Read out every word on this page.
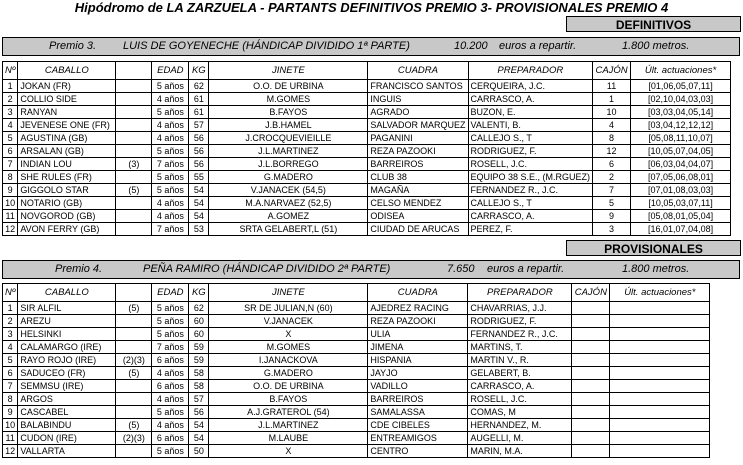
Hipódromo de LA ZARZUELA - PARTANTS DEFINITIVOS PREMIO 3- PROVISIONALES PREMIO 4
DEFINITIVOS
Premio 3. LUIS DE GOYENECHE (HÁNDICAP DIVIDIDO 1ª PARTE)	10.200 euros a repartir.	1.800 metros.
Nº	CABALLO		EDAD	KG	JINETE	CUADRA	PREPARADOR	CAJÓN	Últ. actuaciones*
1	JOKAN (FR)		5 años	62	O.O. DE URBINA	FRANCISCO SANTOS	CERQUEIRA, J.C.	11	[01,06,05,07,11]
2	COLLIO SIDE		4 años	61	M.GOMES	INGUIS	CARRASCO, A.	1	[02,10,04,03,03]
3	RANYAN		5 años	61	B.FAYOS	AGRADO	BUZON, E.	10	[03,03,04,05,14]
4	JEVENESE ONE (FR)		4 años	57	J.B.HAMEL	SALVADOR MARQUEZ	VALENTI, B.	4	[03,04,12,12,12]
5	AGUSTINA (GB)		4 años	56	J.CROCQUEVIEILLE	PAGANINI	CALLEJO S., T	8	[05,08,11,10,07]
6	ARSALAN (GB)		5 años	56	J.L.MARTINEZ	REZA PAZOOKI	RODRIGUEZ, F.	12	[10,05,07,04,05]
7	INDIAN LOU	(3)	7 años	56	J.L.BORREGO	BARREIROS	ROSELL, J.C.	6	[06,03,04,04,07]
8	SHE RULES (FR)		5 años	55	G.MADERO	CLUB 38	EQUIPO 38 S.E., (M.RGUEZ)	2	[07,05,06,08,01]
9	GIGGOLO STAR	(5)	5 años	54	V.JANACEK (54,5)	MAGAÑA	FERNANDEZ R., J.C.	7	[07,01,08,03,03]
10	NOTARIO (GB)		4 años	54	M.A.NARVAEZ (52,5)	CELSO MENDEZ	CALLEJO S., T	5	[10,05,03,07,11]
11	NOVGOROD (GB)		4 años	54	A.GOMEZ	ODISEA	CARRASCO, A.	9	[05,08,01,05,04]
12	AVON FERRY (GB)		7 años	53	SRTA GELABERT,L (51)	CIUDAD DE ARUCAS	PEREZ, F.	3	[16,01,07,04,08]
PROVISIONALES
Premio 4.	PEÑA RAMIRO (HÁNDICAP DIVIDIDO 2ª PARTE)	7.650 euros a repartir.	1.800 metros.
Nº	CABALLO		EDAD	KG	JINETE	CUADRA	PREPARADOR	CAJÓN	Últ. actuaciones*
1	SIR ALFIL	(5)	5 años	62	SR DE JULIAN,N (60)	AJEDREZ RACING	CHAVARRIAS, J.J.		
2	AREZU		5 años	60	V.JANACEK	REZA PAZOOKI	RODRIGUEZ, F.		
3	HELSINKI		5 años	60	X	ULIA	FERNANDEZ R., J.C.		
4	CALAMARGO (IRE)		7 años	59	M.GOMES	JIMENA	MARTINS, T.		
5	RAYO ROJO (IRE)	(2)(3)	6 años	59	I.JANACKOVA	HISPANIA	MARTIN V., R.		
6	SADUCEO (FR)	(5)	4 años	58	G.MADERO	JAYJO	GELABERT, B.		
7	SEMMSU (IRE)		6 años	58	O.O. DE URBINA	VADILLO	CARRASCO, A.		
8	ARGOS		4 años	57	B.FAYOS	BARREIROS	ROSELL, J.C.		
9	CASCABEL		5 años	56	A.J.GRATEROL (54)	SAMALASSA	COMAS, M		
10	BALABINDU	(5)	4 años	54	J.L.MARTINEZ	CDE CIBELES	HERNANDEZ, M.		
11	CUDON (IRE)	(2)(3)	6 años	54	M.LAUBE	ENTREAMIGOS	AUGELLI, M.		
12	VALLARTA		5 años	50	X	CENTRO	MARIN, M.A.		
